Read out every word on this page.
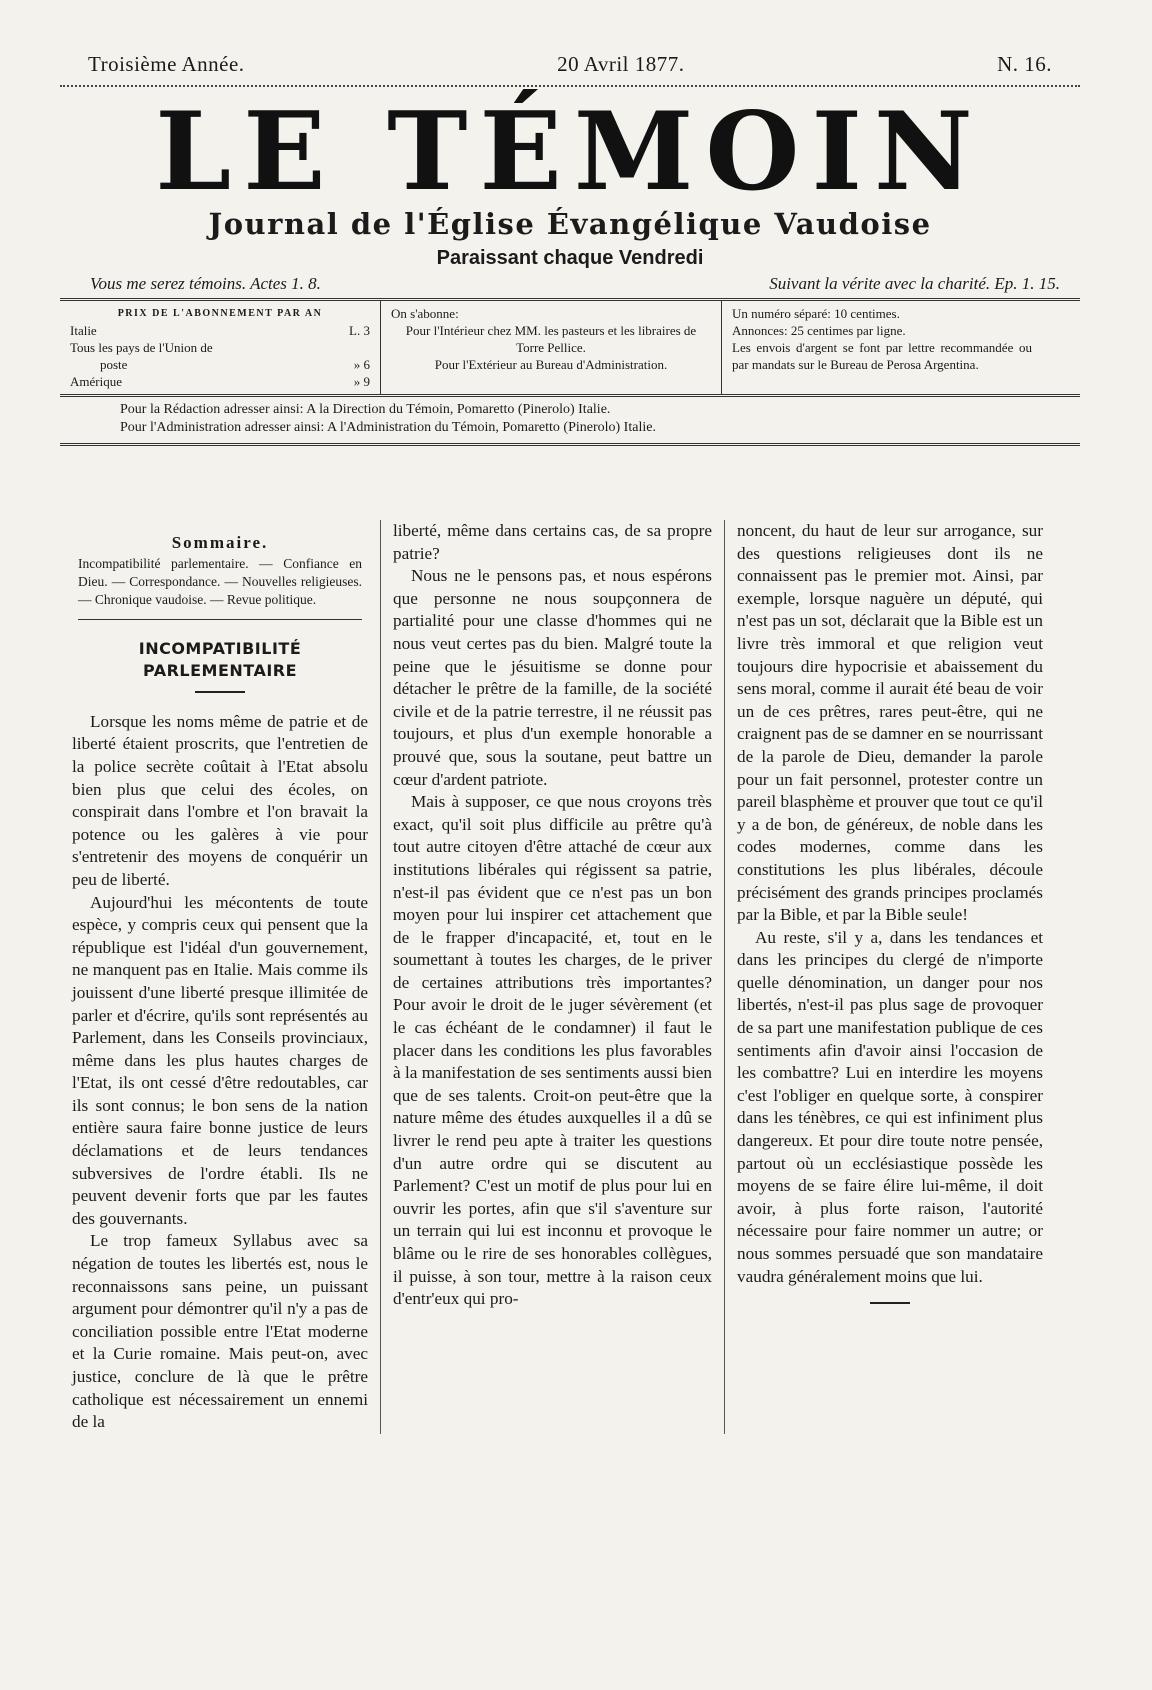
Troisième Année.	20 Avril 1877.	N. 16.
LE TÉMOIN
Journal de l'Église Évangélique Vaudoise
Paraissant chaque Vendredi
Vous me serez témoins. Actes 1. 8.	Suivant la vérite avec la charité. Ep. 1. 15.
PRIX DE L'ABONNEMENT PAR AN
Italie	L. 3
Tous les pays de l'Union de
poste	» 6
Amérique	» 9
On s'abonne:
Pour l'Intérieur chez MM. les pasteurs et les libraires de Torre Pellice.
Pour l'Extérieur au Bureau d'Administration.
Un numéro séparé: 10 centimes.
Annonces: 25 centimes par ligne.
Les envois d'argent se font par lettre recommandée ou par mandats sur le Bureau de Perosa Argentina.
Pour la Rédaction adresser ainsi: A la Direction du Témoin, Pomaretto (Pinerolo) Italie.
Pour l'Administration adresser ainsi: A l'Administration du Témoin, Pomaretto (Pinerolo) Italie.
Sommaire.
Incompatibilité parlementaire. — Confiance en Dieu. — Correspondance. — Nouvelles religieuses. — Chronique vaudoise. — Revue politique.
INCOMPATIBILITÉ PARLEMENTAIRE

Lorsque les noms même de patrie et de liberté étaient proscrits, que l'entretien de la police secrète coûtait à l'Etat absolu bien plus que celui des écoles, on conspirait dans l'ombre et l'on bravait la potence ou les galères à vie pour s'entretenir des moyens de conquérir un peu de liberté.

Aujourd'hui les mécontents de toute espèce, y compris ceux qui pensent que la république est l'idéal d'un gouvernement, ne manquent pas en Italie. Mais comme ils jouissent d'une liberté presque illimitée de parler et d'écrire, qu'ils sont représentés au Parlement, dans les Conseils provinciaux, même dans les plus hautes charges de l'Etat, ils ont cessé d'être redoutables, car ils sont connus; le bon sens de la nation entière saura faire bonne justice de leurs déclamations et de leurs tendances subversives de l'ordre établi. Ils ne peuvent devenir forts que par les fautes des gouvernants.

Le trop fameux Syllabus avec sa négation de toutes les libertés est, nous le reconnaissons sans peine, un puissant argument pour démontrer qu'il n'y a pas de conciliation possible entre l'Etat moderne et la Curie romaine. Mais peut-on, avec justice, conclure de là que le prêtre catholique est nécessairement un ennemi de la

liberté, même dans certains cas, de sa propre patrie?

Nous ne le pensons pas, et nous espérons que personne ne nous soupçonnera de partialité pour une classe d'hommes qui ne nous veut certes pas du bien. Malgré toute la peine que le jésuitisme se donne pour détacher le prêtre de la famille, de la société civile et de la patrie terrestre, il ne réussit pas toujours, et plus d'un exemple honorable a prouvé que, sous la soutane, peut battre un cœur d'ardent patriote.

Mais à supposer, ce que nous croyons très exact, qu'il soit plus difficile au prêtre qu'à tout autre citoyen d'être attaché de cœur aux institutions libérales qui régissent sa patrie, n'est-il pas évident que ce n'est pas un bon moyen pour lui inspirer cet attachement que de le frapper d'incapacité, et, tout en le soumettant à toutes les charges, de le priver de certaines attributions très importantes? Pour avoir le droit de le juger sévèrement (et le cas échéant de le condamner) il faut le placer dans les conditions les plus favorables à la manifestation de ses sentiments aussi bien que de ses talents. Croit-on peut-être que la nature même des études auxquelles il a dû se livrer le rend peu apte à traiter les questions d'un autre ordre qui se discutent au Parlement? C'est un motif de plus pour lui en ouvrir les portes, afin que s'il s'aventure sur un terrain qui lui est inconnu et provoque le blâme ou le rire de ses honorables collègues, il puisse, à son tour, mettre à la raison ceux d'entr'eux qui pro-

noncent, du haut de leur sur arrogance, sur des questions religieuses dont ils ne connaissent pas le premier mot. Ainsi, par exemple, lorsque naguère un député, qui n'est pas un sot, déclarait que la Bible est un livre très immoral et que religion veut toujours dire hypocrisie et abaissement du sens moral, comme il aurait été beau de voir un de ces prêtres, rares peut-être, qui ne craignent pas de se damner en se nourrissant de la parole de Dieu, demander la parole pour un fait personnel, protester contre un pareil blasphème et prouver que tout ce qu'il y a de bon, de généreux, de noble dans les codes modernes, comme dans les constitutions les plus libérales, découle précisément des grands principes proclamés par la Bible, et par la Bible seule!

Au reste, s'il y a, dans les tendances et dans les principes du clergé de n'importe quelle dénomination, un danger pour nos libertés, n'est-il pas plus sage de provoquer de sa part une manifestation publique de ces sentiments afin d'avoir ainsi l'occasion de les combattre? Lui en interdire les moyens c'est l'obliger en quelque sorte, à conspirer dans les ténèbres, ce qui est infiniment plus dangereux. Et pour dire toute notre pensée, partout où un ecclésiastique possède les moyens de se faire élire lui-même, il doit avoir, à plus forte raison, l'autorité nécessaire pour faire nommer un autre; or nous sommes persuadé que son mandataire vaudra généralement moins que lui.
